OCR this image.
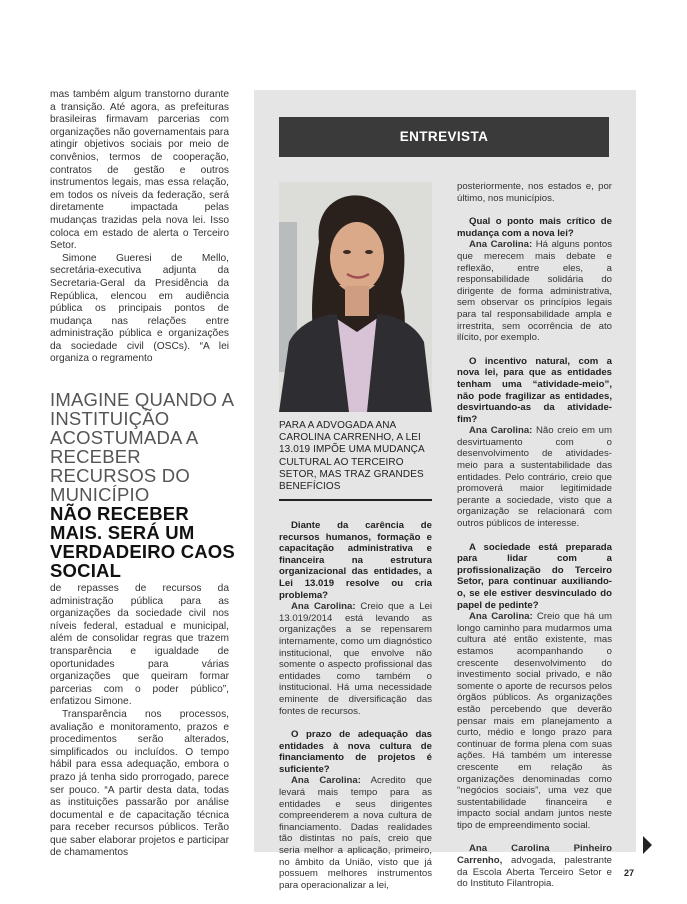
mas também algum transtorno durante a transição. Até agora, as prefeituras brasileiras firmavam parcerias com organizações não governamentais para atingir objetivos sociais por meio de convênios, termos de cooperação, contratos de gestão e outros instrumentos legais, mas essa relação, em todos os níveis da federação, será diretamente impactada pelas mudanças trazidas pela nova lei. Isso coloca em estado de alerta o Terceiro Setor.

Simone Gueresi de Mello, secretária-executiva adjunta da Secretaria-Geral da Presidência da República, elencou em audiência pública os principais pontos de mudança nas relações entre administração pública e organizações da sociedade civil (OSCs). “A lei organiza o regramento

IMAGINE QUANDO A INSTITUIÇÃO ACOSTUMADA A RECEBER RECURSOS DO MUNICÍPIO
NÃO RECEBER MAIS. SERÁ UM VERDADEIRO CAOS SOCIAL

de repasses de recursos da administração pública para as organizações da sociedade civil nos níveis federal, estadual e municipal, além de consolidar regras que trazem transparência e igualdade de oportunidades para várias organizações que queiram formar parcerias com o poder público”, enfatizou Simone.

Transparência nos processos, avaliação e monitoramento, prazos e procedimentos serão alterados, simplificados ou incluídos. O tempo hábil para essa adequação, embora o prazo já tenha sido prorrogado, parece ser pouco. “A partir desta data, todas as instituições passarão por análise documental e de capacitação técnica para receber recursos públicos. Terão que saber elaborar projetos e participar de chamamentos

ENTREVISTA
PARA A ADVOGADA ANA CAROLINA CARRENHO, A LEI 13.019 IMPÕE UMA MUDANÇA CULTURAL AO TERCEIRO SETOR, MAS TRAZ GRANDES BENEFÍCIOS

Diante da carência de recursos humanos, formação e capacitação administrativa e financeira na estrutura organizacional das entidades, a Lei 13.019 resolve ou cria problema?

Ana Carolina: Creio que a Lei 13.019/2014 está levando as organizações a se repensarem internamente, como um diagnóstico institucional, que envolve não somente o aspecto profissional das entidades como também o institucional. Há uma necessidade eminente de diversificação das fontes de recursos.

O prazo de adequação das entidades à nova cultura de financiamento de projetos é suficiente?

Ana Carolina: Acredito que levará mais tempo para as entidades e seus dirigentes compreenderem a nova cultura de financiamento. Dadas realidades tão distintas no país, creio que seria melhor a aplicação, primeiro, no âmbito da União, visto que já possuem melhores instrumentos para operacionalizar a lei,

posteriormente, nos estados e, por último, nos municípios.

Qual o ponto mais crítico de mudança com a nova lei?

Ana Carolina: Há alguns pontos que merecem mais debate e reflexão, entre eles, a responsabilidade solidária do dirigente de forma administrativa, sem observar os princípios legais para tal responsabilidade ampla e irrestrita, sem ocorrência de ato ilícito, por exemplo.

O incentivo natural, com a nova lei, para que as entidades tenham uma “atividade-meio”, não pode fragilizar as entidades, desvirtuando-as da atividade-fim?

Ana Carolina: Não creio em um desvirtuamento com o desenvolvimento de atividades-meio para a sustentabilidade das entidades. Pelo contrário, creio que promoverá maior legitimidade perante a sociedade, visto que a organização se relacionará com outros públicos de interesse.

A sociedade está preparada para lidar com a profissionalização do Terceiro Setor, para continuar auxiliando-o, se ele estiver desvinculado do papel de pedinte?

Ana Carolina: Creio que há um longo caminho para mudarmos uma cultura até então existente, mas estamos acompanhando o crescente desenvolvimento do investimento social privado, e não somente o aporte de recursos pelos órgãos públicos. As organizações estão percebendo que deverão pensar mais em planejamento a curto, médio e longo prazo para continuar de forma plena com suas ações. Há também um interesse crescente em relação às organizações denominadas como “negócios sociais”, uma vez que sustentabilidade financeira e impacto social andam juntos neste tipo de empreendimento social.

Ana Carolina Pinheiro Carrenho, advogada, palestrante da Escola Aberta Terceiro Setor e do Instituto Filantropia.

27
